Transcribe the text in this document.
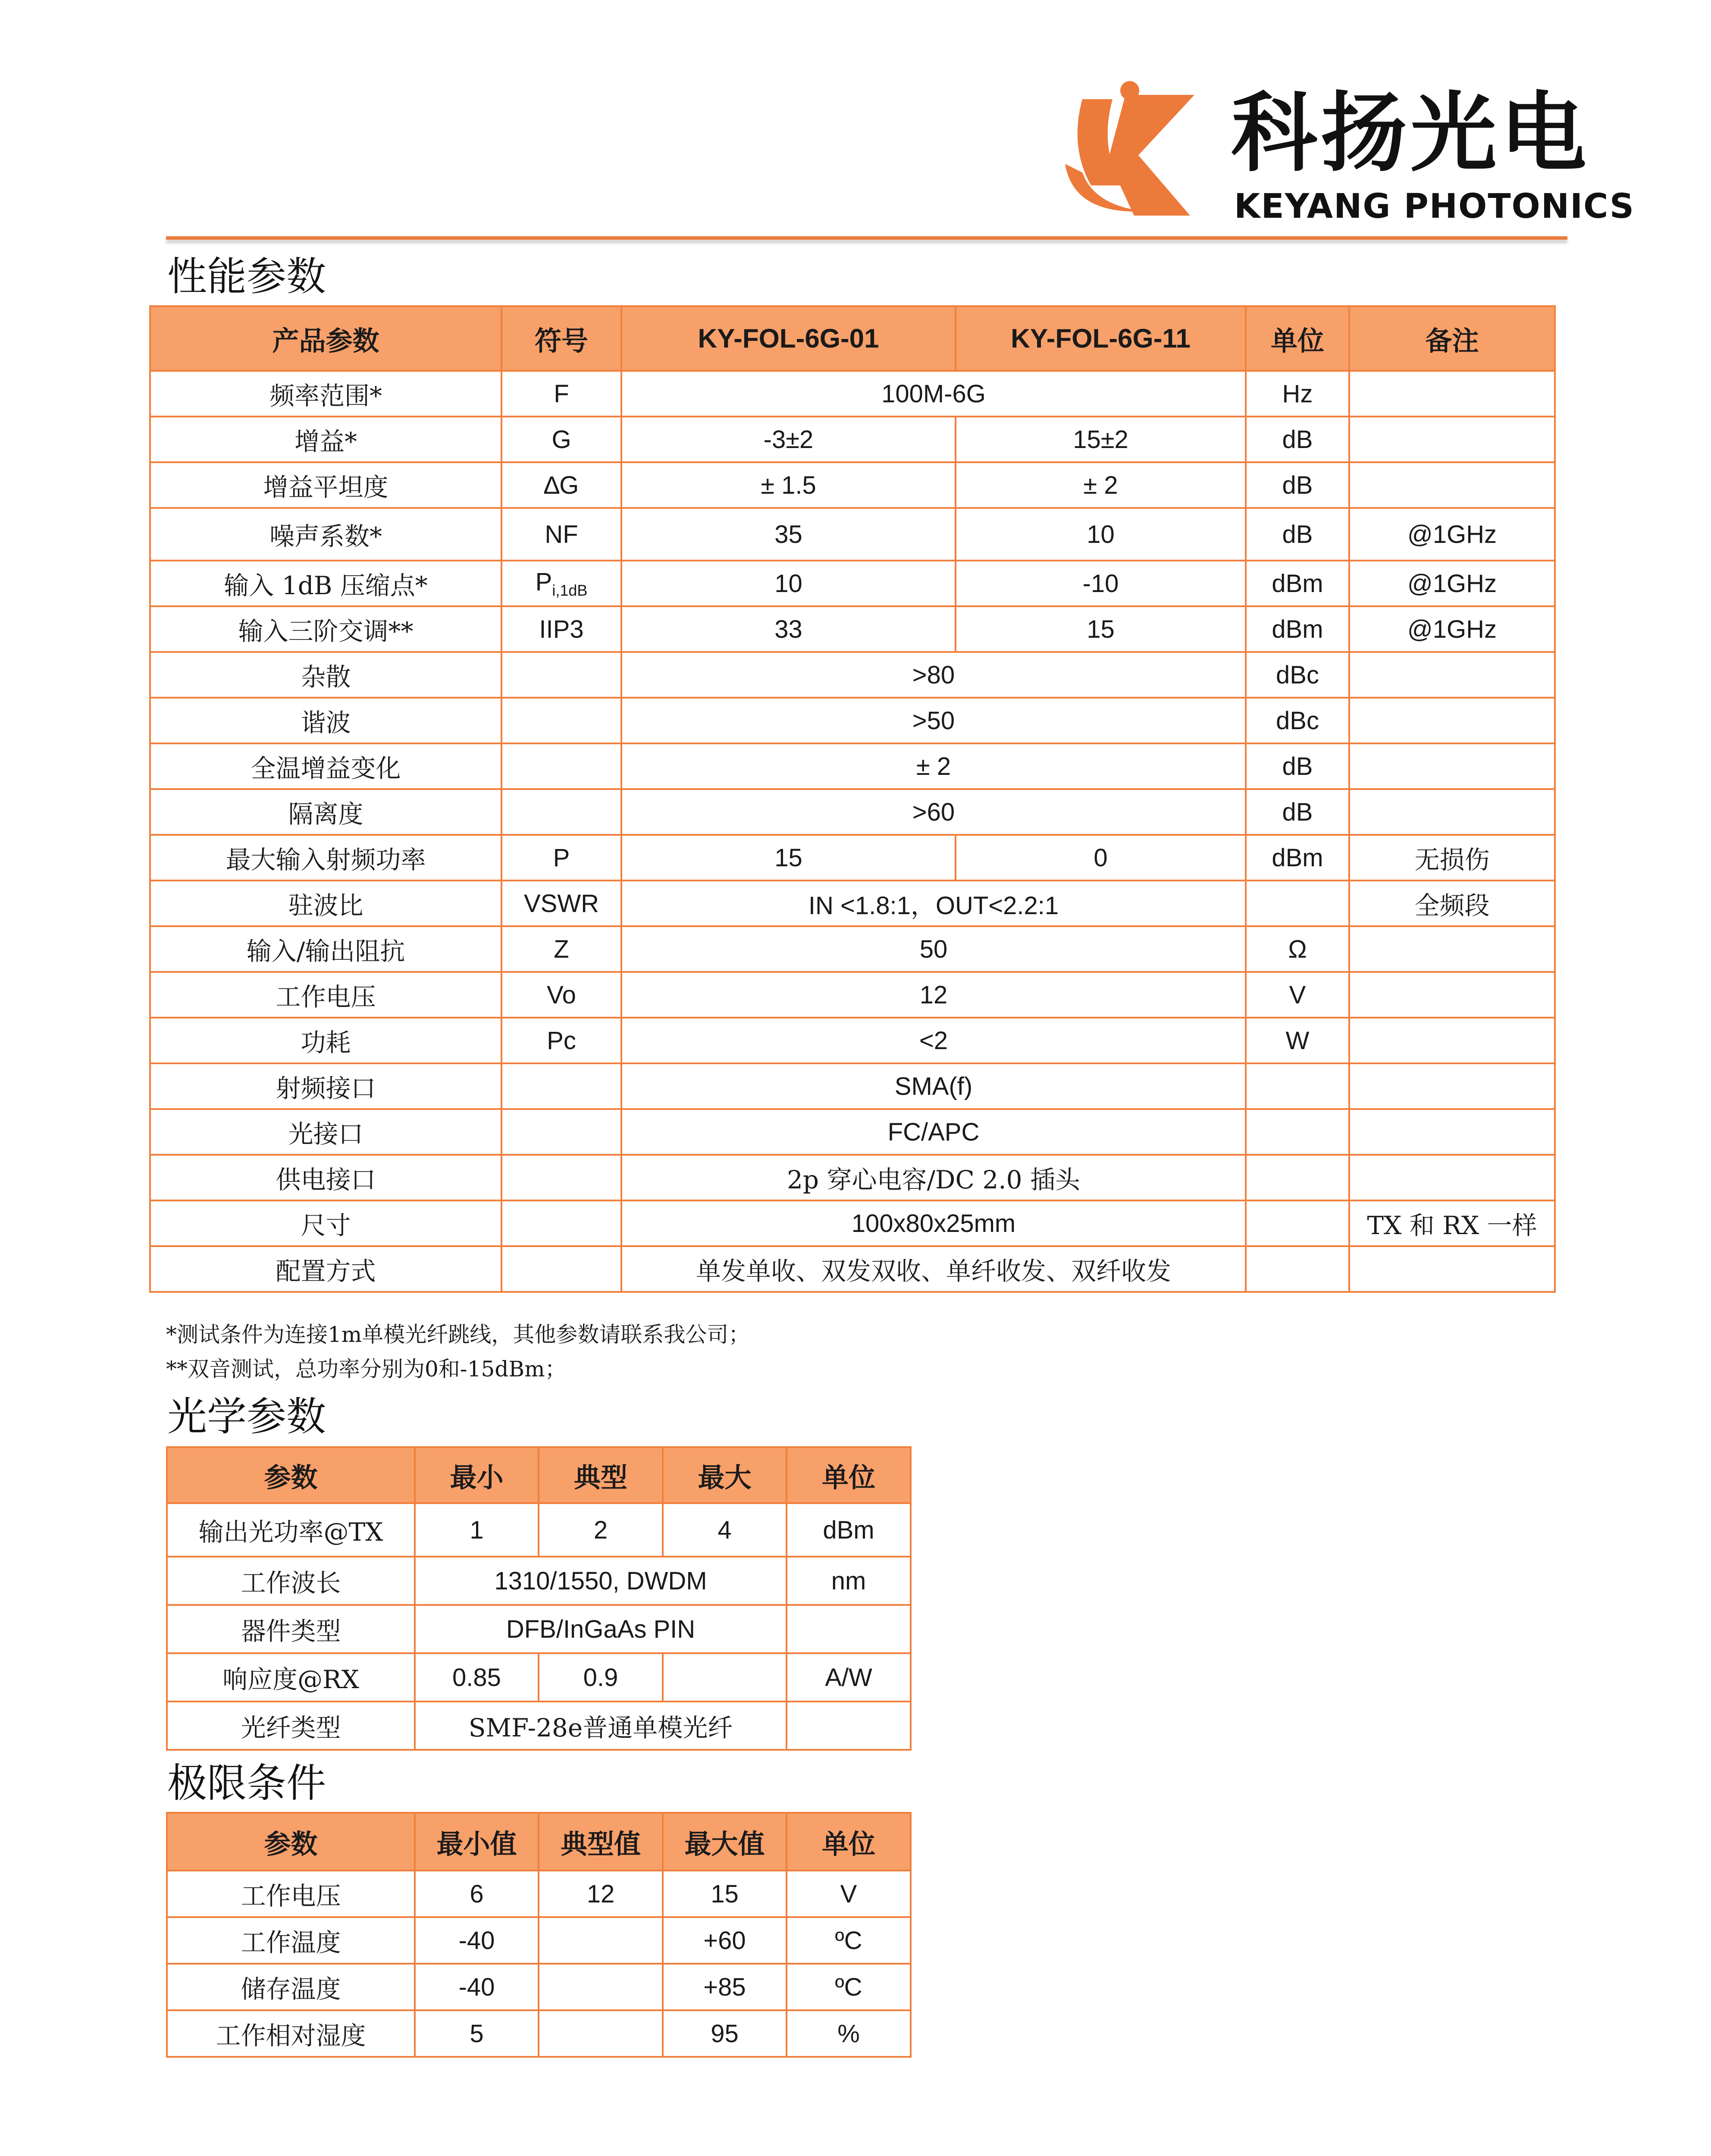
科扬光电
KEYANG PHOTONICS
性能参数
产品参数	符号	KY-FOL-6G-01	KY-FOL-6G-11	单位	备注
频率范围*	F	100M-6G		Hz	
增益*	G	-3±2	15±2	dB	
增益平坦度	∆G	± 1.5	± 2	dB	
噪声系数*	NF	35	10	dB	@1GHz
输入 1dB 压缩点*	$P_{i,1dB}$	10	-10	dBm	@1GHz
输入三阶交调**	IIP3	33	15	dBm	@1GHz
杂散		>80		dBc	
谐波		>50		dBc	
全温增益变化		± 2		dB	
隔离度		>60		dB	
最大输入射频功率	P	15	0	dBm	无损伤
驻波比	VSWR	IN <1.8:1，OUT<2.2:1			全频段
输入/输出阻抗	Z	50		Ω	
工作电压	Vo	12		V	
功耗	Pc	<2		W	
射频接口		SMA(f)			
光接口		FC/APC			
供电接口		2p 穿心电容/DC 2.0 插头			
尺寸		100x80x25mm			TX 和 RX 一样
配置方式		单发单收、双发双收、单纤收发、双纤收发			
*测试条件为连接1m单模光纤跳线，其他参数请联系我公司；
**双音测试，总功率分别为0和-15dBm；
光学参数
参数	最小	典型	最大	单位
输出光功率@TX	1	2	4	dBm
工作波长	1310/1550, DWDM			nm
器件类型	DFB/InGaAs PIN			
响应度@RX	0.85	0.9		A/W
光纤类型	SMF-28e普通单模光纤			
极限条件
参数	最小值	典型值	最大值	单位
工作电压	6	12	15	V
工作温度	-40		+60	ºC
储存温度	-40		+85	ºC
工作相对湿度	5		95	%
